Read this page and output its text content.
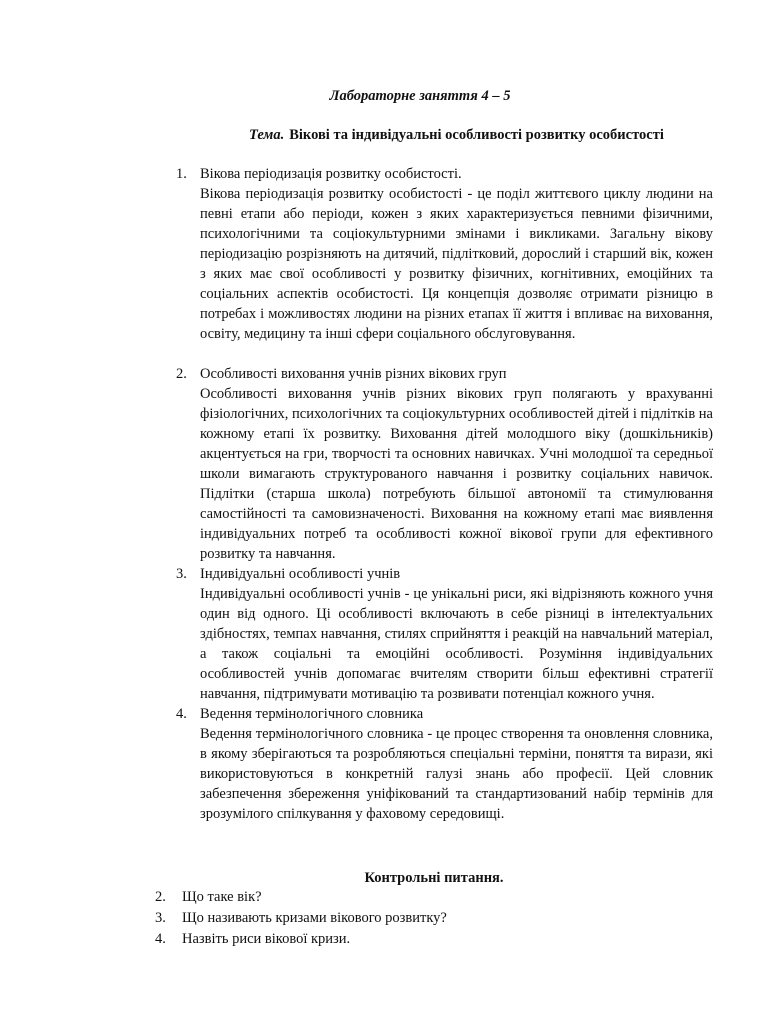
Лабораторне заняття 4 – 5
Тема. Вікові та індивідуальні особливості розвитку особистості
1. Вікова періодизація розвитку особистості.
Вікова періодизація розвитку особистості - це поділ життєвого циклу людини на певні етапи або періоди, кожен з яких характеризується певними фізичними, психологічними та соціокультурними змінами і викликами. Загальну вікову періодизацію розрізняють на дитячий, підлітковий, дорослий і старший вік, кожен з яких має свої особливості у розвитку фізичних, когнітивних, емоційних та соціальних аспектів особистості. Ця концепція дозволяє отримати різницю в потребах і можливостях людини на різних етапах її життя і впливає на виховання, освіту, медицину та інші сфери соціального обслуговування.
2. Особливості виховання учнів різних вікових груп
Особливості виховання учнів різних вікових груп полягають у врахуванні фізіологічних, психологічних та соціокультурних особливостей дітей і підлітків на кожному етапі їх розвитку. Виховання дітей молодшого віку (дошкільників) акцентується на гри, творчості та основних навичках. Учні молодшої та середньої школи вимагають структурованого навчання і розвитку соціальних навичок. Підлітки (старша школа) потребують більшої автономії та стимулювання самостійності та самовизначеності. Виховання на кожному етапі має виявлення індивідуальних потреб та особливості кожної вікової групи для ефективного розвитку та навчання.
3. Індивідуальні особливості учнів
Індивідуальні особливості учнів - це унікальні риси, які відрізняють кожного учня один від одного. Ці особливості включають в себе різниці в інтелектуальних здібностях, темпах навчання, стилях сприйняття і реакцій на навчальний матеріал, а також соціальні та емоційні особливості. Розуміння індивідуальних особливостей учнів допомагає вчителям створити більш ефективні стратегії навчання, підтримувати мотивацію та розвивати потенціал кожного учня.
4. Ведення термінологічного словника
Ведення термінологічного словника - це процес створення та оновлення словника, в якому зберігаються та розробляються спеціальні терміни, поняття та вирази, які використовуються в конкретній галузі знань або професії. Цей словник забезпечення збереження уніфікований та стандартизований набір термінів для зрозумілого спілкування у фаховому середовищі.
Контрольні питання.
2. Що таке вік?
3. Що називають кризами вікового розвитку?
4. Назвіть риси вікової кризи.
